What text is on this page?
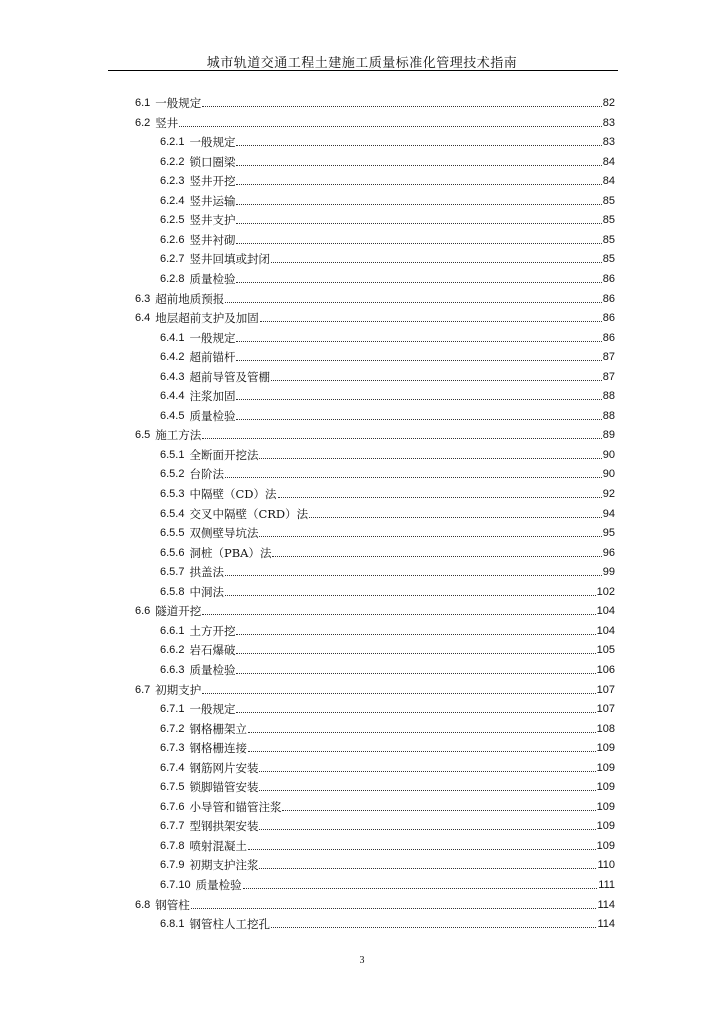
城市轨道交通工程土建施工质量标准化管理技术指南
6.1 一般规定	82
6.2 竖井	83
6.2.1 一般规定	83
6.2.2 锁口圈梁	84
6.2.3 竖井开挖	84
6.2.4 竖井运输	85
6.2.5 竖井支护	85
6.2.6 竖井衬砌	85
6.2.7 竖井回填或封闭	85
6.2.8 质量检验	86
6.3 超前地质预报	86
6.4 地层超前支护及加固	86
6.4.1 一般规定	86
6.4.2 超前锚杆	87
6.4.3 超前导管及管棚	87
6.4.4 注浆加固	88
6.4.5 质量检验	88
6.5 施工方法	89
6.5.1 全断面开挖法	90
6.5.2 台阶法	90
6.5.3 中隔壁（CD）法	92
6.5.4 交叉中隔壁（CRD）法	94
6.5.5 双侧壁导坑法	95
6.5.6 洞桩（PBA）法	96
6.5.7 拱盖法	99
6.5.8 中洞法	102
6.6 隧道开挖	104
6.6.1 土方开挖	104
6.6.2 岩石爆破	105
6.6.3 质量检验	106
6.7 初期支护	107
6.7.1 一般规定	107
6.7.2 钢格栅架立	108
6.7.3 钢格栅连接	109
6.7.4 钢筋网片安装	109
6.7.5 锁脚锚管安装	109
6.7.6 小导管和锚管注浆	109
6.7.7 型钢拱架安装	109
6.7.8 喷射混凝土	109
6.7.9 初期支护注浆	110
6.7.10 质量检验	111
6.8 钢管柱	114
6.8.1 钢管柱人工挖孔	114
3
